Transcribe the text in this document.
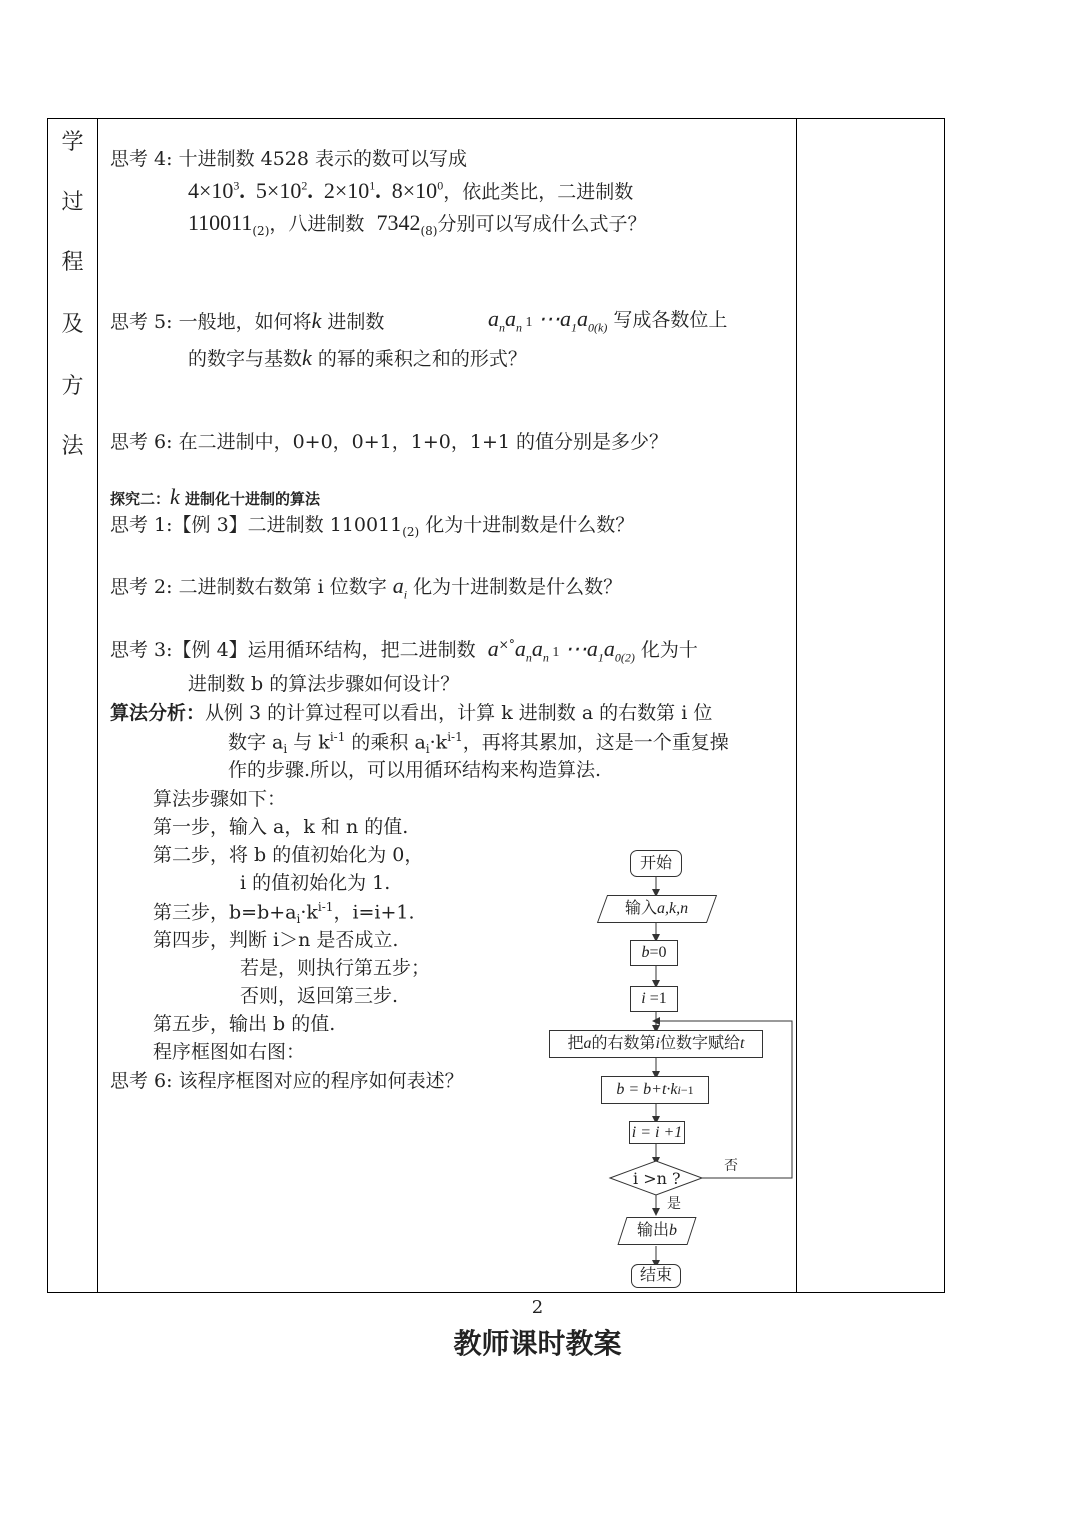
学
过
程
及
方
法
思考 4: 十进制数 4528 表示的数可以写成
$4\times 10^3$.  $5\times 10^2$.  $2\times 10^1$.  $8\times 10^0$，依此类比，二进制数
$110011_{(2)}$，八进制数 $7342_{(8)}$分别可以写成什么式子？
思考 5: 一般地，如何将k 进制数	$a_na_n$ 1 $\cdots a_1a_{0(k)}$ 写成各数位上
的数字与基数k 的幂的乘积之和的形式？
思考 6: 在二进制中，0+0，0+1，1+0，1+1 的值分别是多少？
探究二：k 进制化十进制的算法
思考 1:【例 3】二进制数 $110011_{(2)}$ 化为十进制数是什么数？
思考 2: 二进制数右数第 i 位数字 $a_i$ 化为十进制数是什么数？
思考 3:【例 4】运用循环结构，把二进制数 $a^{\times^\circ}a_na_n$ 1 $\cdots a_1a_{0(2)}$ 化为十
进制数 b 的算法步骤如何设计？
算法分析：从例 3 的计算过程可以看出，计算 k 进制数 a 的右数第 i 位
数字 $a_i$ 与 $k^{i-1}$ 的乘积 $a_i\cdot k^{i-1}$，再将其累加，这是一个重复操
作的步骤.所以，可以用循环结构来构造算法.
算法步骤如下：
第一步，输入 a，k 和 n 的值.
第二步，将 b 的值初始化为 0，
i 的值初始化为 1.
第三步，$b=b+a_i\cdot k^{i-1}$，i=i+1.
第四步，判断 i＞n 是否成立.
若是，则执行第五步；
否则，返回第三步.
第五步，输出 b 的值.
程序框图如右图：
思考 6: 该程序框图对应的程序如何表述？
开始
输入a,k,n
b =0
i
=1
把 a 的右数第 i 位数字赋给 t
b
= b+t·k i−1
i
= i +1
i >n ?
否
是
输出b
结束
2
教师课时教案
